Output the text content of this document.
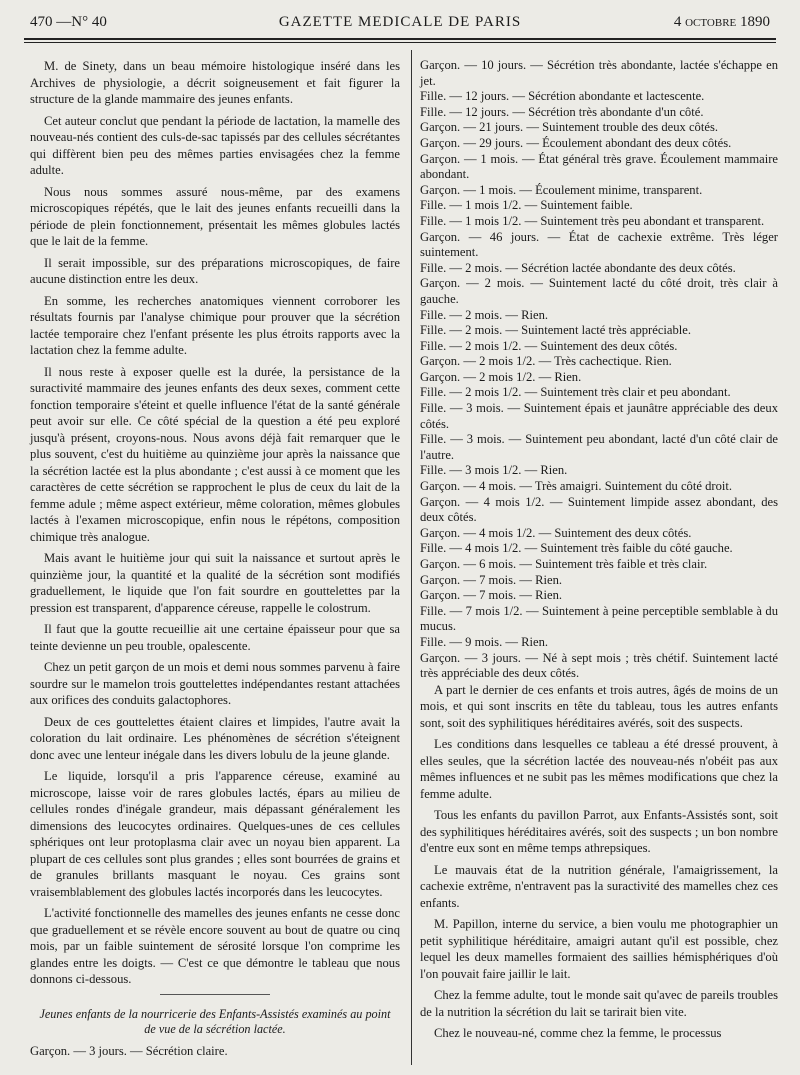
470 —N° 40	GAZETTE MEDICALE DE PARIS	4 octobre 1890

M. de Sinety, dans un beau mémoire histologique inséré dans les Archives de physiologie, a décrit soigneusement et fait figurer la structure de la glande mammaire des jeunes enfants.

Cet auteur conclut que pendant la période de lactation, la mamelle des nouveau-nés contient des culs-de-sac tapissés par des cellules sécrétantes qui diffèrent bien peu des mêmes parties envisagées chez la femme adulte.

Nous nous sommes assuré nous-même, par des examens microscopiques répétés, que le lait des jeunes enfants recueilli dans la période de plein fonctionnement, présentait les mêmes globules lactés que le lait de la femme.

Il serait impossible, sur des préparations microscopiques, de faire aucune distinction entre les deux.

En somme, les recherches anatomiques viennent corroborer les résultats fournis par l'analyse chimique pour prouver que la sécrétion lactée temporaire chez l'enfant présente les plus étroits rapports avec la lactation chez la femme adulte.

Il nous reste à exposer quelle est la durée, la persistance de la suractivité mammaire des jeunes enfants des deux sexes, comment cette fonction temporaire s'éteint et quelle influence l'état de la santé générale peut avoir sur elle. Ce côté spécial de la question a été peu exploré jusqu'à présent, croyons-nous. Nous avons déjà fait remarquer que le plus souvent, c'est du huitième au quinzième jour après la naissance que la sécrétion lactée est la plus abondante ; c'est aussi à ce moment que les caractères de cette sécrétion se rapprochent le plus de ceux du lait de la femme adule ; même aspect extérieur, même coloration, mêmes globules lactés à l'examen microscopique, enfin nous le répétons, composition chimique très analogue.

Mais avant le huitième jour qui suit la naissance et surtout après le quinzième jour, la quantité et la qualité de la sécrétion sont modifiés graduellement, le liquide que l'on fait sourdre en gouttelettes par la pression est transparent, d'apparence céreuse, rappelle le colostrum.

Il faut que la goutte recueillie ait une certaine épaisseur pour que sa teinte devienne un peu trouble, opalescente.

Chez un petit garçon de un mois et demi nous sommes parvenu à faire sourdre sur le mamelon trois gouttelettes indépendantes restant attachées aux orifices des conduits galactophores.

Deux de ces gouttelettes étaient claires et limpides, l'autre avait la coloration du lait ordinaire. Les phénomènes de sécrétion s'éteignent donc avec une lenteur inégale dans les divers lobulu de la jeune glande.

Le liquide, lorsqu'il a pris l'apparence céreuse, examiné au microscope, laisse voir de rares globules lactés, épars au milieu de cellules rondes d'inégale grandeur, mais dépassant généralement les dimensions des leucocytes ordinaires. Quelques-unes de ces cellules sphériques ont leur protoplasma clair avec un noyau bien apparent. La plupart de ces cellules sont plus grandes ; elles sont bourrées de grains et de granules brillants masquant le noyau. Ces grains sont vraisemblablement des globules lactés incorporés dans les leucocytes.

L'activité fonctionnelle des mamelles des jeunes enfants ne cesse donc que graduellement et se révèle encore souvent au bout de quatre ou cinq mois, par un faible suintement de sérosité lorsque l'on comprime les glandes entre les doigts. — C'est ce que démontre le tableau que nous donnons ci-dessous.

Jeunes enfants de la nourricerie des Enfants-Assistés examinés au point de vue de la sécrétion lactée.

Garçon. — 3 jours. — Sécrétion claire.

Garçon. — 10 jours. — Sécrétion très abondante, lactée s'échappe en jet.

Fille. — 12 jours. — Sécrétion abondante et lactescente.

Fille. — 12 jours. — Sécrétion très abondante d'un côté.

Garçon. — 21 jours. — Suintement trouble des deux côtés.

Garçon. — 29 jours. — Écoulement abondant des deux côtés.

Garçon. — 1 mois. — État général très grave. Écoulement mammaire abondant.

Garçon. — 1 mois. — Écoulement minime, transparent.

Fille. — 1 mois 1/2. — Suintement faible.

Fille. — 1 mois 1/2. — Suintement très peu abondant et transparent.

Garçon. — 46 jours. — État de cachexie extrême. Très léger suintement.

Fille. — 2 mois. — Sécrétion lactée abondante des deux côtés.

Garçon. — 2 mois. — Suintement lacté du côté droit, très clair à gauche.

Fille. — 2 mois. — Rien.

Fille. — 2 mois. — Suintement lacté très appréciable.

Fille. — 2 mois 1/2. — Suintement des deux côtés.

Garçon. — 2 mois 1/2. — Très cachectique. Rien.

Garçon. — 2 mois 1/2. — Rien.

Fille. — 2 mois 1/2. — Suintement très clair et peu abondant.

Fille. — 3 mois. — Suintement épais et jaunâtre appréciable des deux côtés.

Fille. — 3 mois. — Suintement peu abondant, lacté d'un côté clair de l'autre.

Fille. — 3 mois 1/2. — Rien.

Garçon. — 4 mois. — Très amaigri. Suintement du côté droit.

Garçon. — 4 mois 1/2. — Suintement limpide assez abondant, des deux côtés.

Garçon. — 4 mois 1/2. — Suintement des deux côtés.

Fille. — 4 mois 1/2. — Suintement très faible du côté gauche.

Garçon. — 6 mois. — Suintement très faible et très clair.

Garçon. — 7 mois. — Rien.

Garçon. — 7 mois. — Rien.

Fille. — 7 mois 1/2. — Suintement à peine perceptible semblable à du mucus.

Fille. — 9 mois. — Rien.

Garçon. — 3 jours. — Né à sept mois ; très chétif. Suintement lacté très appréciable des deux côtés.

A part le dernier de ces enfants et trois autres, âgés de moins de un mois, et qui sont inscrits en tête du tableau, tous les autres enfants sont, soit des syphilitiques héréditaires avérés, soit des suspects.

Les conditions dans lesquelles ce tableau a été dressé prouvent, à elles seules, que la sécrétion lactée des nouveau-nés n'obéit pas aux mêmes influences et ne subit pas les mêmes modifications que chez la femme adulte.

Tous les enfants du pavillon Parrot, aux Enfants-Assistés sont, soit des syphilitiques héréditaires avérés, soit des suspects ; un bon nombre d'entre eux sont en même temps athrepsiques.

Le mauvais état de la nutrition générale, l'amaigrissement, la cachexie extrême, n'entravent pas la suractivité des mamelles chez ces enfants.

M. Papillon, interne du service, a bien voulu me photographier un petit syphilitique héréditaire, amaigri autant qu'il est possible, chez lequel les deux mamelles formaient des saillies hémisphériques d'où l'on pouvait faire jaillir le lait.

Chez la femme adulte, tout le monde sait qu'avec de pareils troubles de la nutrition la sécrétion du lait se tarirait bien vite.

Chez le nouveau-né, comme chez la femme, le processus
